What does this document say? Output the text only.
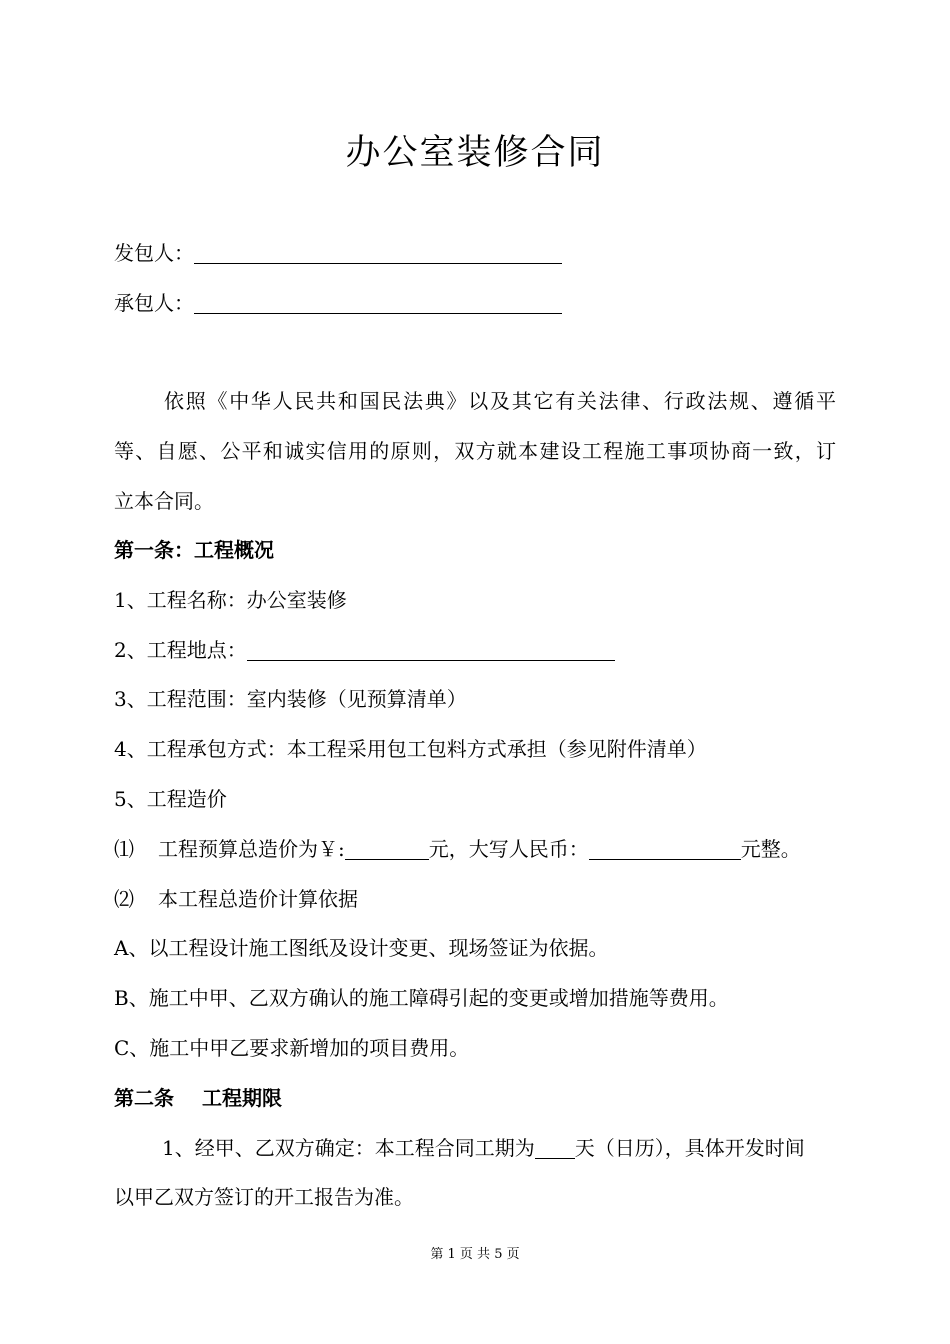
办公室装修合同
发包人：
承包人：
依照《中华人民共和国民法典》以及其它有关法律、行政法规、遵循平
等、自愿、公平和诚实信用的原则，双方就本建设工程施工事项协商一致，订
立本合同。
第一条：工程概况
1、工程名称：办公室装修
2、工程地点：
3、工程范围：室内装修（见预算清单）
4、工程承包方式：本工程采用包工包料方式承担（参见附件清单）
5、工程造价
⑴ 工程预算总造价为￥:	元，大写人民币：	元整。
⑵ 本工程总造价计算依据
A、以工程设计施工图纸及设计变更、现场签证为依据。
B、施工中甲、乙双方确认的施工障碍引起的变更或增加措施等费用。
C、施工中甲乙要求新增加的项目费用。
第二条 工程期限
1、经甲、乙双方确定：本工程合同工期为 天（日历），具体开发时间
以甲乙双方签订的开工报告为准。
第 1 页 共 5 页
